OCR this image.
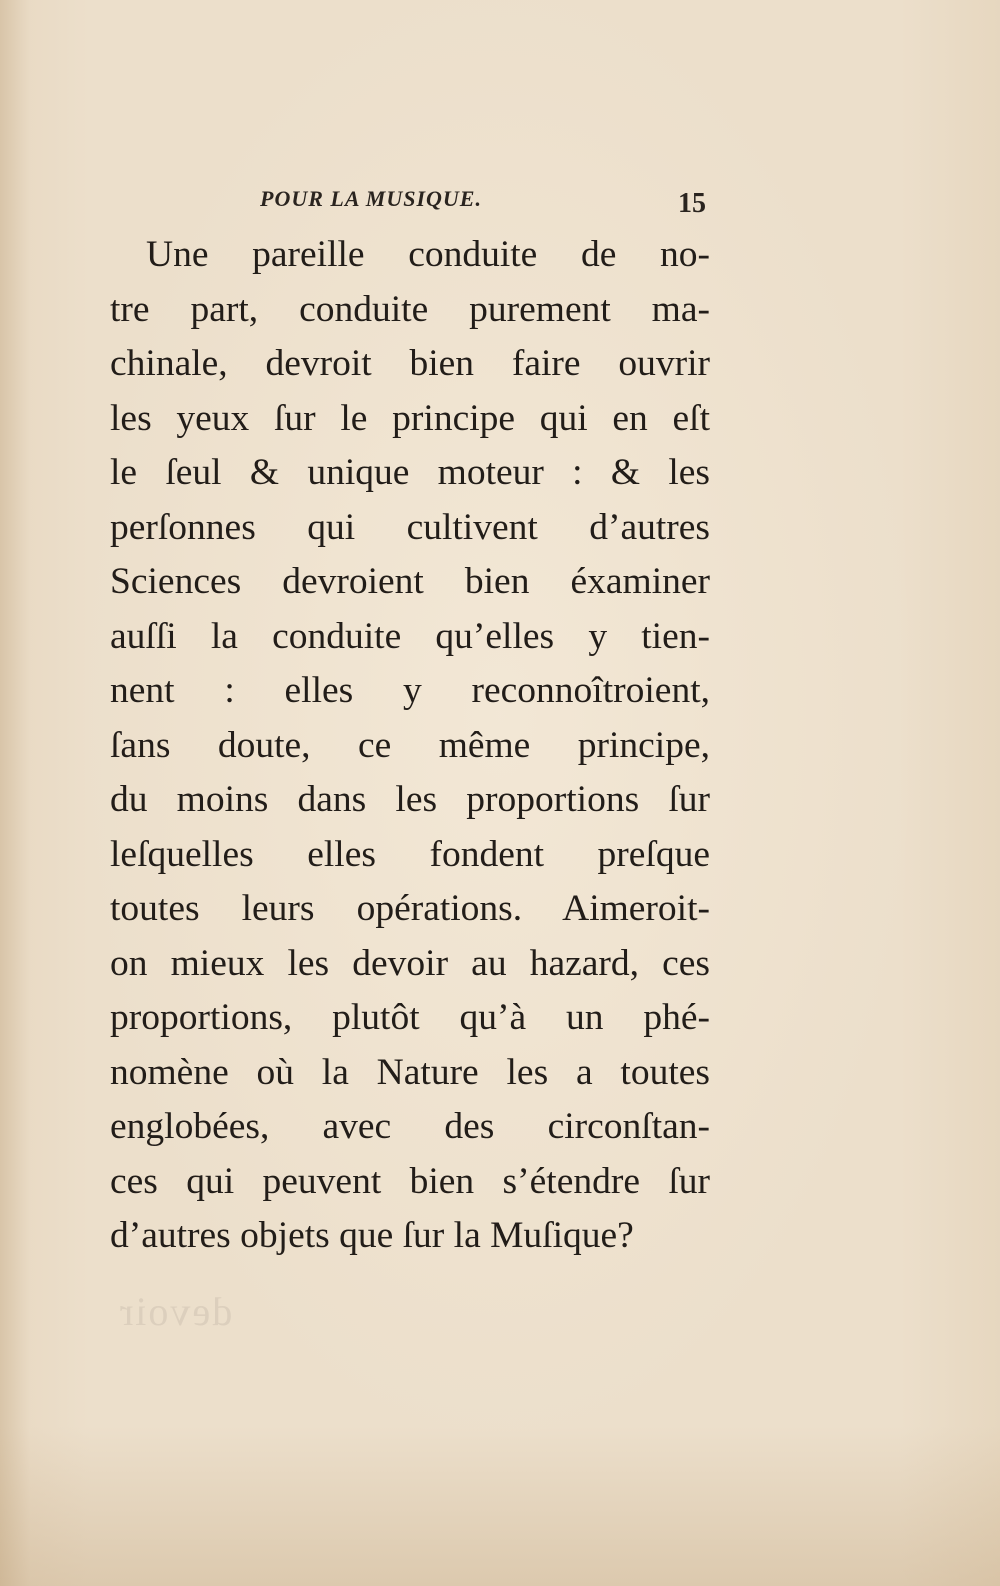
devoir
POUR LA MUSIQUE.	15
Une pareille conduite de no-
tre part, conduite purement ma-
chinale, devroit bien faire ouvrir
les yeux ſur le principe qui en eſt
le ſeul & unique moteur : & les
perſonnes qui cultivent d’autres
Sciences devroient bien éxaminer
auſſi la conduite qu’elles y tien-
nent : elles y reconnoîtroient,
ſans doute, ce même principe,
du moins dans les proportions ſur
leſquelles elles fondent preſque
toutes leurs opérations. Aimeroit-
on mieux les devoir au hazard, ces
proportions, plutôt qu’à un phé-
nomène où la Nature les a toutes
englobées, avec des circonſtan-
ces qui peuvent bien s’étendre ſur
d’autres objets que ſur la Muſique?
